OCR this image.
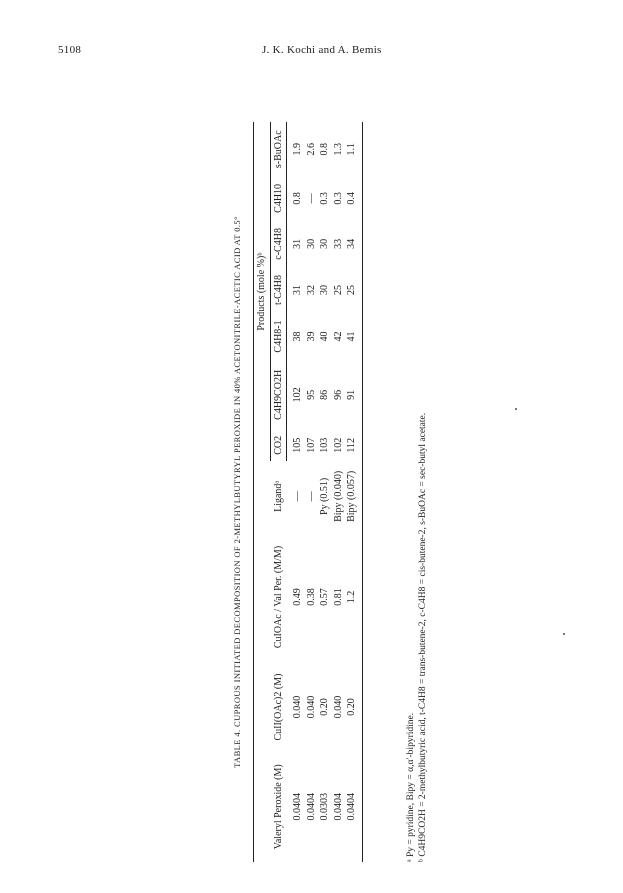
5108	J. K. Kochi and A. Bemis
TABLE 4. CUPROUS INITIATED DECOMPOSITION OF 2-METHYLBUTYRYL PEROXIDE IN 40% ACETONITRILE-ACETIC ACID AT 0.5°
Valeryl Peroxide (M)	CuII(OAc)2 (M)	CuIOAc / Val Per. (M/M)	Ligandᵃ	Products (mole %)ᵇ						
				CO2	C4H9CO2H	C4H8-1	t-C4H8	c-C4H8	C4H10	s-BuOAc
0.0404	0.040	0.49	—	105	102	38	31	31	0.8	1.9
0.0404	0.040	0.38	—	107	95	39	32	30	—	2.6
0.0303	0.20	0.57	Py (0.51)	103	86	40	30	30	0.3	0.8
0.0404	0.040	0.81	Bipy (0.040)	102	96	42	25	33	0.3	1.3
0.0404	0.20	1.2	Bipy (0.057)	112	91	41	25	34	0.4	1.1
ᵃ Py = pyridine, Bipy = α,α′-bipyridine. ᵇ C4H9CO2H = 2-methylbutyric acid, t-C4H8 = trans-butene-2, c-C4H8 = cis-butene-2, s-BuOAc = sec-butyl acetate.
